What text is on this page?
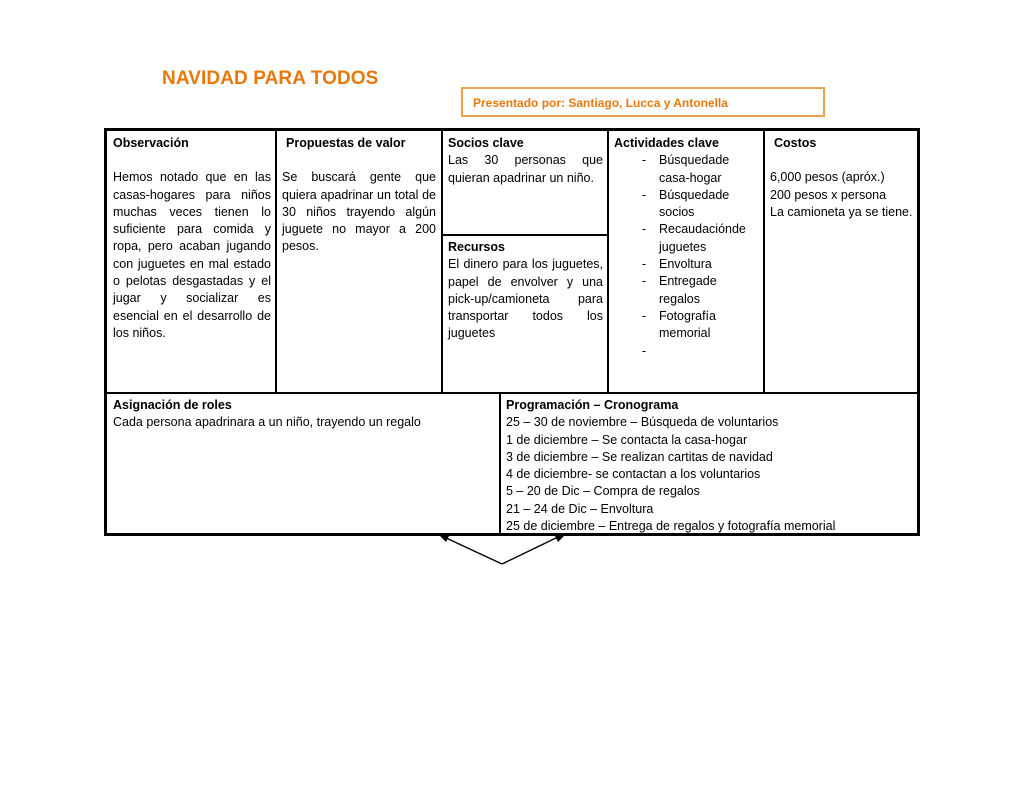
NAVIDAD PARA TODOS
Presentado por: Santiago, Lucca y Antonella
Observación
Hemos notado que en las casas-hogares para niños muchas veces tienen lo suficiente para comida y ropa, pero acaban jugando con juguetes en mal estado o pelotas desgastadas y el jugar y socializar es esencial en el desarrollo de los niños.
Propuestas de valor
Se buscará gente que quiera apadrinar un total de 30 niños trayendo algún juguete no mayor a 200 pesos.
Socios clave
Las 30 personas que quieran apadrinar un niño.
Recursos
El dinero para los juguetes, papel de envolver y una pick-up/camioneta para transportar todos los juguetes
Actividades clave
- Búsquedade
casa-hogar
- Búsquedade
socios
- Recaudaciónde
juguetes
- Envoltura
- Entregade
regalos
- Fotografía
memorial
-
Costos
6,000 pesos (apróx.)
200 pesos x persona
La camioneta ya se tiene.
Asignación de roles
Cada persona apadrinara a un niño, trayendo un regalo
Programación – Cronograma
25 – 30 de noviembre – Búsqueda de voluntarios
1 de diciembre – Se contacta la casa-hogar
3 de diciembre – Se realizan cartitas de navidad
4 de diciembre- se contactan a los voluntarios
5 – 20 de Dic – Compra de regalos
21 – 24 de Dic – Envoltura
25 de diciembre – Entrega de regalos y fotografía memorial
